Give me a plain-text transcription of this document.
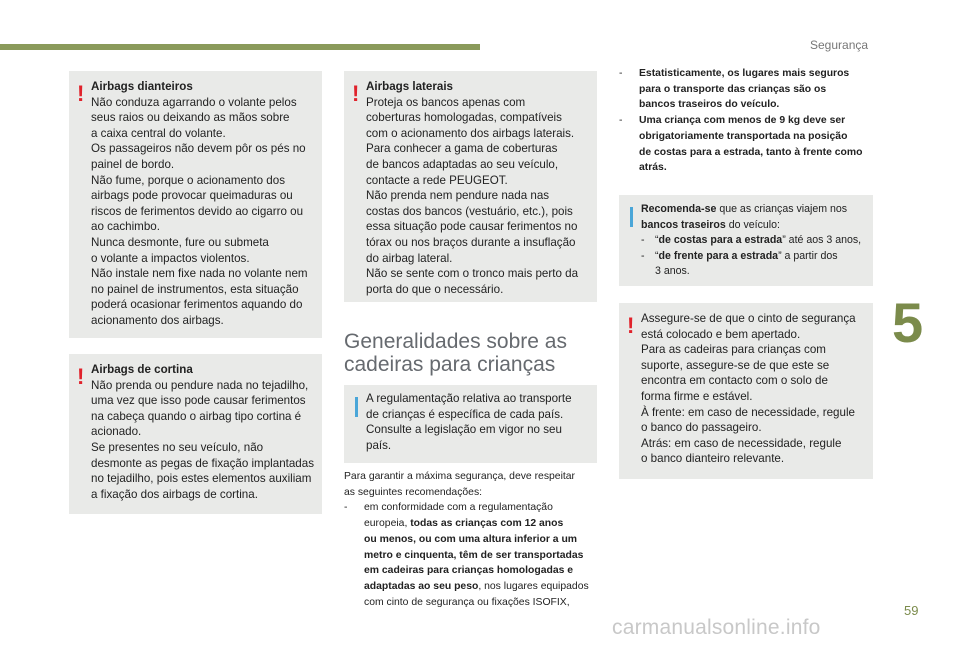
Segurança
5
! Airbags dianteiros
Não conduza agarrando o volante pelos
seus raios ou deixando as mãos sobre
a caixa central do volante.
Os passageiros não devem pôr os pés no
painel de bordo.
Não fume, porque o acionamento dos
airbags pode provocar queimaduras ou
riscos de ferimentos devido ao cigarro ou
ao cachimbo.
Nunca desmonte, fure ou submeta
o volante a impactos violentos.
Não instale nem fixe nada no volante nem
no painel de instrumentos, esta situação
poderá ocasionar ferimentos aquando do
acionamento dos airbags.
! Airbags de cortina
Não prenda ou pendure nada no tejadilho,
uma vez que isso pode causar ferimentos
na cabeça quando o airbag tipo cortina é
acionado.
Se presentes no seu veículo, não
desmonte as pegas de fixação implantadas
no tejadilho, pois estes elementos auxiliam
a fixação dos airbags de cortina.
! Airbags laterais
Proteja os bancos apenas com
coberturas homologadas, compatíveis
com o acionamento dos airbags laterais.
Para conhecer a gama de coberturas
de bancos adaptadas ao seu veículo,
contacte a rede PEUGEOT.
Não prenda nem pendure nada nas
costas dos bancos (vestuário, etc.), pois
essa situação pode causar ferimentos no
tórax ou nos braços durante a insuflação
do airbag lateral.
Não se sente com o tronco mais perto da
porta do que o necessário.
Generalidades sobre as
cadeiras para crianças
A regulamentação relativa ao transporte
de crianças é específica de cada país.
Consulte a legislação em vigor no seu
país.
Para garantir a máxima segurança, deve respeitar
as seguintes recomendações:
- em conformidade com a regulamentação
europeia, todas as crianças com 12 anos
ou menos, ou com uma altura inferior a um
metro e cinquenta, têm de ser transportadas
em cadeiras para crianças homologadas e
adaptadas ao seu peso, nos lugares equipados
com cinto de segurança ou fixações ISOFIX,
- Estatisticamente, os lugares mais seguros
para o transporte das crianças são os
bancos traseiros do veículo.
- Uma criança com menos de 9 kg deve ser
obrigatoriamente transportada na posição
de costas para a estrada, tanto à frente como
atrás.
Recomenda-se que as crianças viajem nos
bancos traseiros do veículo:
- “de costas para a estrada” até aos 3 anos,
- “de frente para a estrada” a partir dos
3 anos.
! Assegure-se de que o cinto de segurança
está colocado e bem apertado.
Para as cadeiras para crianças com
suporte, assegure-se de que este se
encontra em contacto com o solo de
forma firme e estável.
À frente: em caso de necessidade, regule
o banco do passageiro.
Atrás: em caso de necessidade, regule
o banco dianteiro relevante.
59
carmanualsonline.info
